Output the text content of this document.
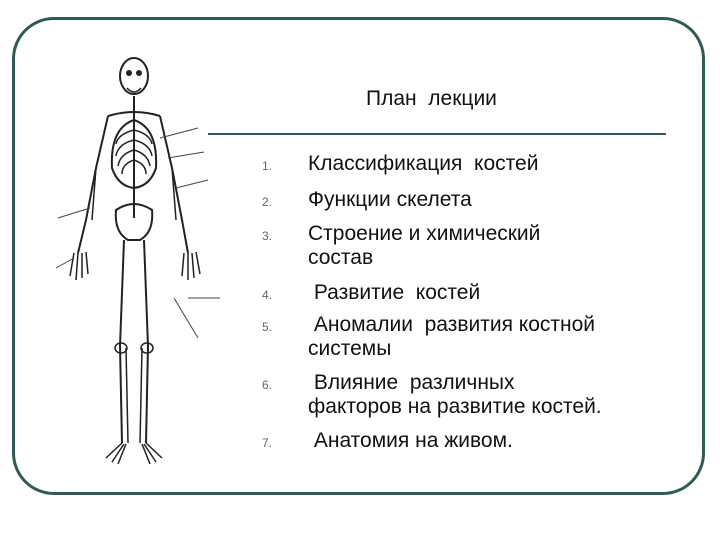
План  лекции
1. Классификация  костей
2. Функции скелета
3. Строение и химический
состав
4. Развитие  костей
5. Аномалии  развития костной
системы
6. Влияние  различных
факторов на развитие костей.
7. Анатомия на живом.
